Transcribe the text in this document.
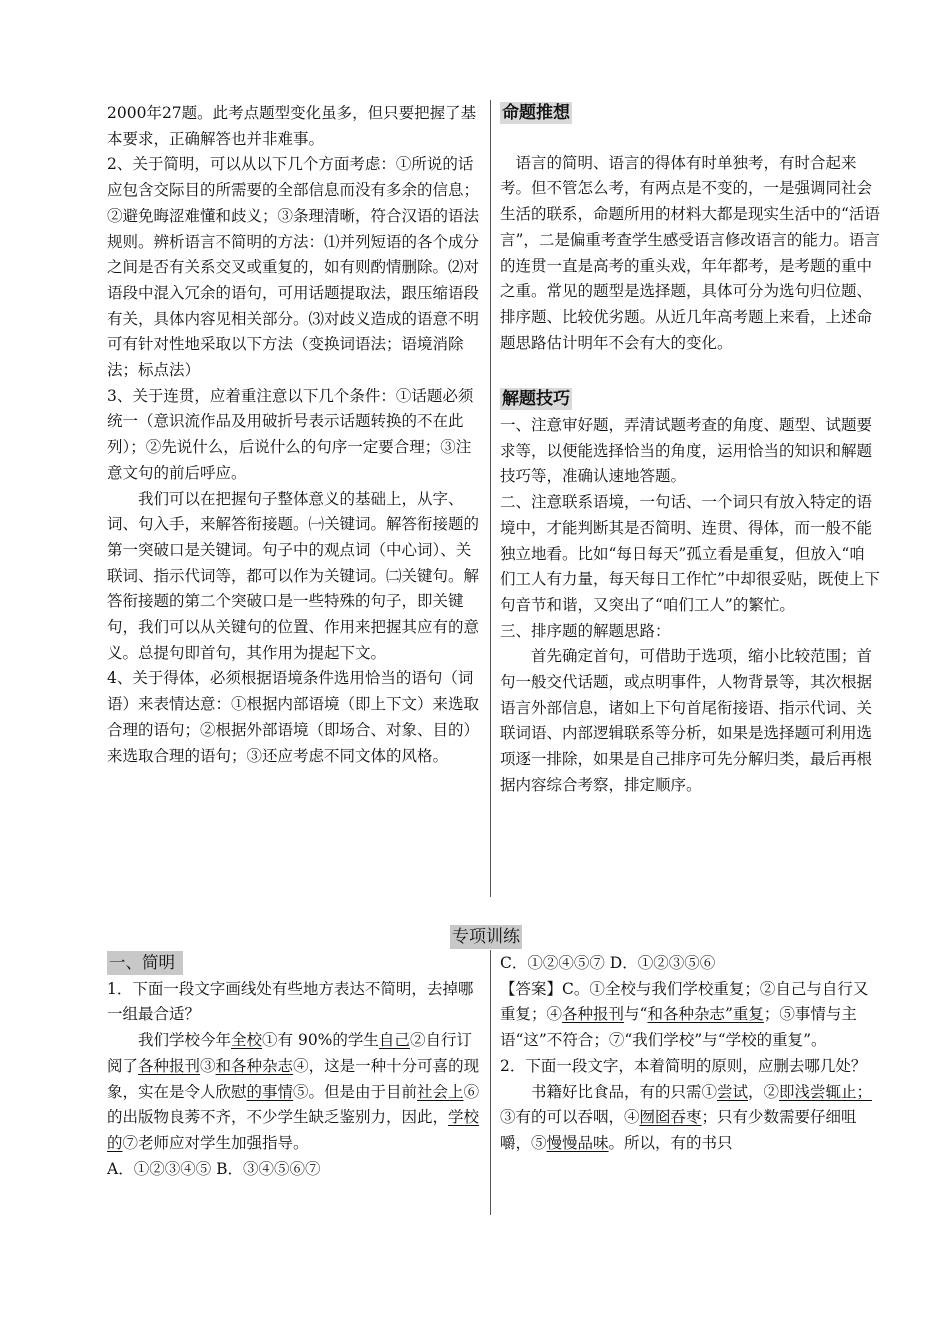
2000年27题。此考点题型变化虽多，但只要把握了基本要求，正确解答也并非难事。

2、关于简明，可以从以下几个方面考虑：①所说的话应包含交际目的所需要的全部信息而没有多余的信息；②避免晦涩难懂和歧义；③条理清晰，符合汉语的语法规则。辨析语言不简明的方法：⑴并列短语的各个成分之间是否有关系交叉或重复的，如有则酌情删除。⑵对语段中混入冗余的语句，可用话题提取法，跟压缩语段有关，具体内容见相关部分。⑶对歧义造成的语意不明可有针对性地采取以下方法（变换词语法；语境消除法；标点法）

3、关于连贯，应着重注意以下几个条件：①话题必须统一（意识流作品及用破折号表示话题转换的不在此列）；②先说什么，后说什么的句序一定要合理；③注意文句的前后呼应。

我们可以在把握句子整体意义的基础上，从字、词、句入手，来解答衔接题。㈠关键词。解答衔接题的第一突破口是关键词。句子中的观点词（中心词）、关联词、指示代词等，都可以作为关键词。㈡关键句。解答衔接题的第二个突破口是一些特殊的句子，即关键句，我们可以从关键句的位置、作用来把握其应有的意义。总提句即首句，其作用为提起下文。

4、关于得体，必须根据语境条件选用恰当的语句（词语）来表情达意：①根据内部语境（即上下文）来选取合理的语句；②根据外部语境（即场合、对象、目的）来选取合理的语句；③还应考虑不同文体的风格。

命题推想

语言的简明、语言的得体有时单独考，有时合起来考。但不管怎么考，有两点是不变的，一是强调同社会生活的联系，命题所用的材料大都是现实生活中的“活语言”，二是偏重考查学生感受语言修改语言的能力。语言的连贯一直是高考的重头戏，年年都考，是考题的重中之重。常见的题型是选择题，具体可分为选句归位题、排序题、比较优劣题。从近几年高考题上来看，上述命题思路估计明年不会有大的变化。

解题技巧

一、注意审好题，弄清试题考查的角度、题型、试题要求等，以便能选择恰当的角度，运用恰当的知识和解题技巧等，准确认速地答题。

二、注意联系语境，一句话、一个词只有放入特定的语境中，才能判断其是否简明、连贯、得体，而一般不能独立地看。比如“每日每天”孤立看是重复，但放入“咱们工人有力量，每天每日工作忙”中却很妥贴，既使上下句音节和谐，又突出了“咱们工人”的繁忙。

三、排序题的解题思路：

首先确定首句，可借助于选项，缩小比较范围；首句一般交代话题，或点明事件，人物背景等，其次根据语言外部信息，诸如上下句首尾衔接语、指示代词、关联词语、内部逻辑联系等分析，如果是选择题可利用选项逐一排除，如果是自己排序可先分解归类，最后再根据内容综合考察，排定顺序。

专项训练
一、简明

1．下面一段文字画线处有些地方表达不简明，去掉哪一组最合适？

我们学校今年全校①有 90%的学生自己②自行订阅了各种报刊③和各种杂志④，这是一种十分可喜的现象，实在是令人欣慰的事情⑤。但是由于目前社会上⑥的出版物良莠不齐，不少学生缺乏鉴别力，因此，学校的⑦老师应对学生加强指导。

A．①②③④⑤ B．③④⑤⑥⑦

C．①②④⑤⑦ D．①②③⑤⑥

【答案】C。①全校与我们学校重复；②自己与自行又重复；④各种报刊与“和各种杂志”重复；⑤事情与主语“这”不符合；⑦“我们学校”与“学校的重复”。

2．下面一段文字，本着简明的原则，应删去哪几处？

书籍好比食品，有的只需①尝试，②即浅尝辄止；③有的可以吞咽，④囫囵吞枣；只有少数需要仔细咀嚼，⑤慢慢品味。所以，有的书只
